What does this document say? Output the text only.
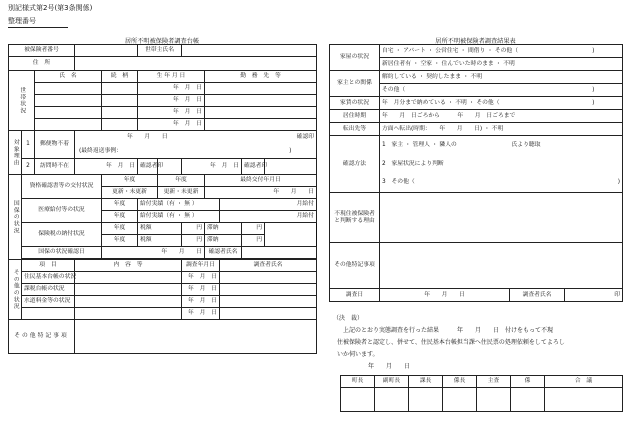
別記様式第2号(第3条関係)
整理番号
居所不明被保険者調査台帳
被保険者番号					世帯主氏名						
住　所											
世帯状況		氏　名		続　柄	生 年 月 日			勤　務　先　等			
					年　月　日						
					年　月　日						
					年　月　日						
					年　月　日						
対象理由	1	郵便物不着	年　　月　　日						確認印		
			(最終返送事例：								)
	2	訪問時不在	年　月　日		確認者印		年　月　日			確認者印	
国保の状況	資格確認書等の交付状況			年度		年度		最終交付年月日			
				更新・未更新		更新・未更新		年　　月　　日			
	医療給付等の状況			年度	給付実績（有 ・ 無 ）				月給付		
				年度	給付実績（有 ・ 無 ）				月給付		
	保険税の納付状況			年度	税額		円	滞納		円	
				年度	税額		円	滞納		円	
	国保の状況確認日			年　　月　　日				確認者氏名			

その他の状況	項　目		内　容　等				調査年月日		調査者氏名		
	住民基本台帳の状況						年　月　日				
	課税台帳の状況						年　月　日				
	水道料金等の状況						年　月　日				
							年　月　日				
その他特記事項											
居所不明被保険者調査結果表
家屋の状況	自宅 ・ アパート ・ 公営住宅 ・ 間借り ・ その他（		)
	新居住者有 ・ 空家 ・ 住んでいた時のまま ・ 不明		
家主との関係	解約している ・ 契約したまま ・ 不明		
	その他（		)
家賃の状況	年　月分まで納めている ・ 不明 ・ その他（		)
居住時期	年　　月　日ごろから　　　年　　月　日ごろまで		
転出先等	方面へ転出(時期：　　年　　月　　日) ・ 不明		
確認方法	1　家主 ・ 管理人 ・ 隣人の	氏より聴取	
	2　家屋状況により判断		
	3　その他（		)
不現住被保険者と判断する理由			
その他特記事項			
調査日	年　　月　　日	調査者氏名	印
（決　裁）
上記のとおり実態調査を行った結果　　　年　　月　　日　付けをもって不現
住被保険者と認定し、併せて、住民基本台帳担当課へ住民票の処理依頼をしてよろし
いか伺います。
年　　月　　日
町長	副町長	課長	係長	主査	係	合　議
